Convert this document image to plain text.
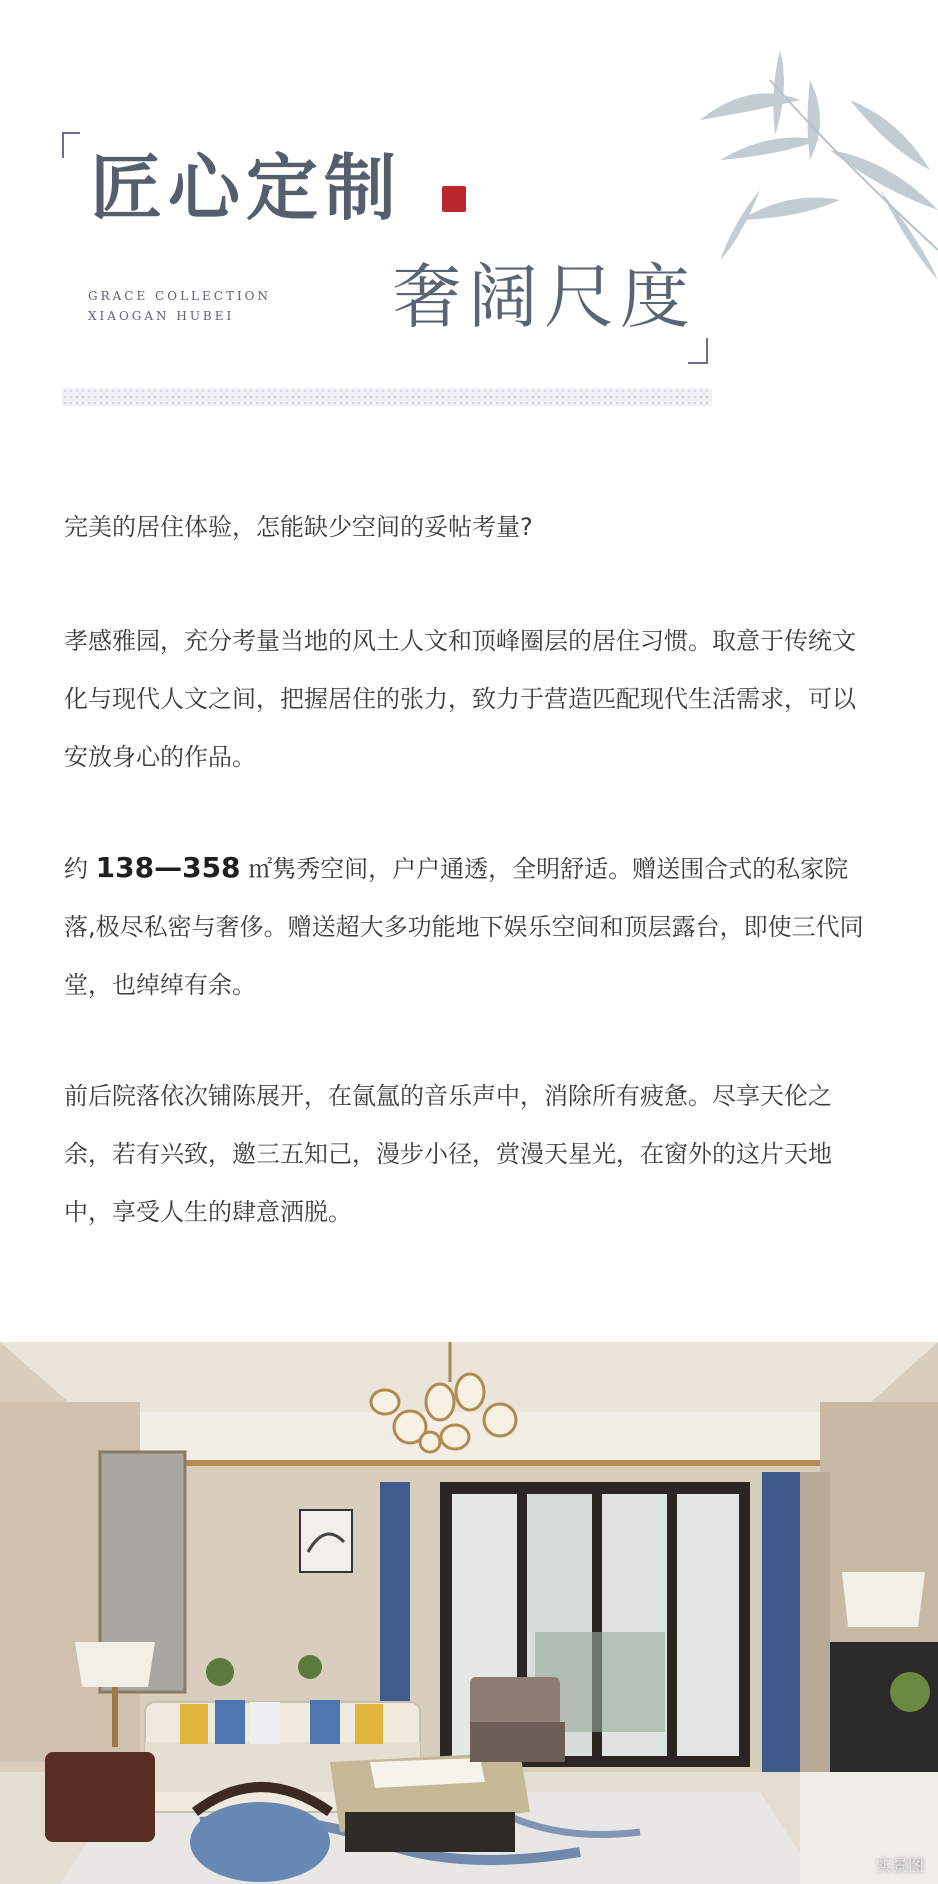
匠心定制
GRACE COLLECTION
XIAOGAN HUBEI	奢阔尺度

完美的居住体验，怎能缺少空间的妥帖考量?

孝感雅园，充分考量当地的风土人文和顶峰圈层的居住习惯。取意于传统文化与现代人文之间，把握居住的张力，致力于营造匹配现代生活需求，可以安放身心的作品。

约 138—358 ㎡隽秀空间，户户通透，全明舒适。赠送围合式的私家院落,极尽私密与奢侈。赠送超大多功能地下娱乐空间和顶层露台，即使三代同堂，也绰绰有余。

前后院落依次铺陈展开，在氤氲的音乐声中，消除所有疲惫。尽享天伦之余，若有兴致，邀三五知己，漫步小径，赏漫天星光，在窗外的这片天地中，享受人生的肆意洒脱。

实景图
